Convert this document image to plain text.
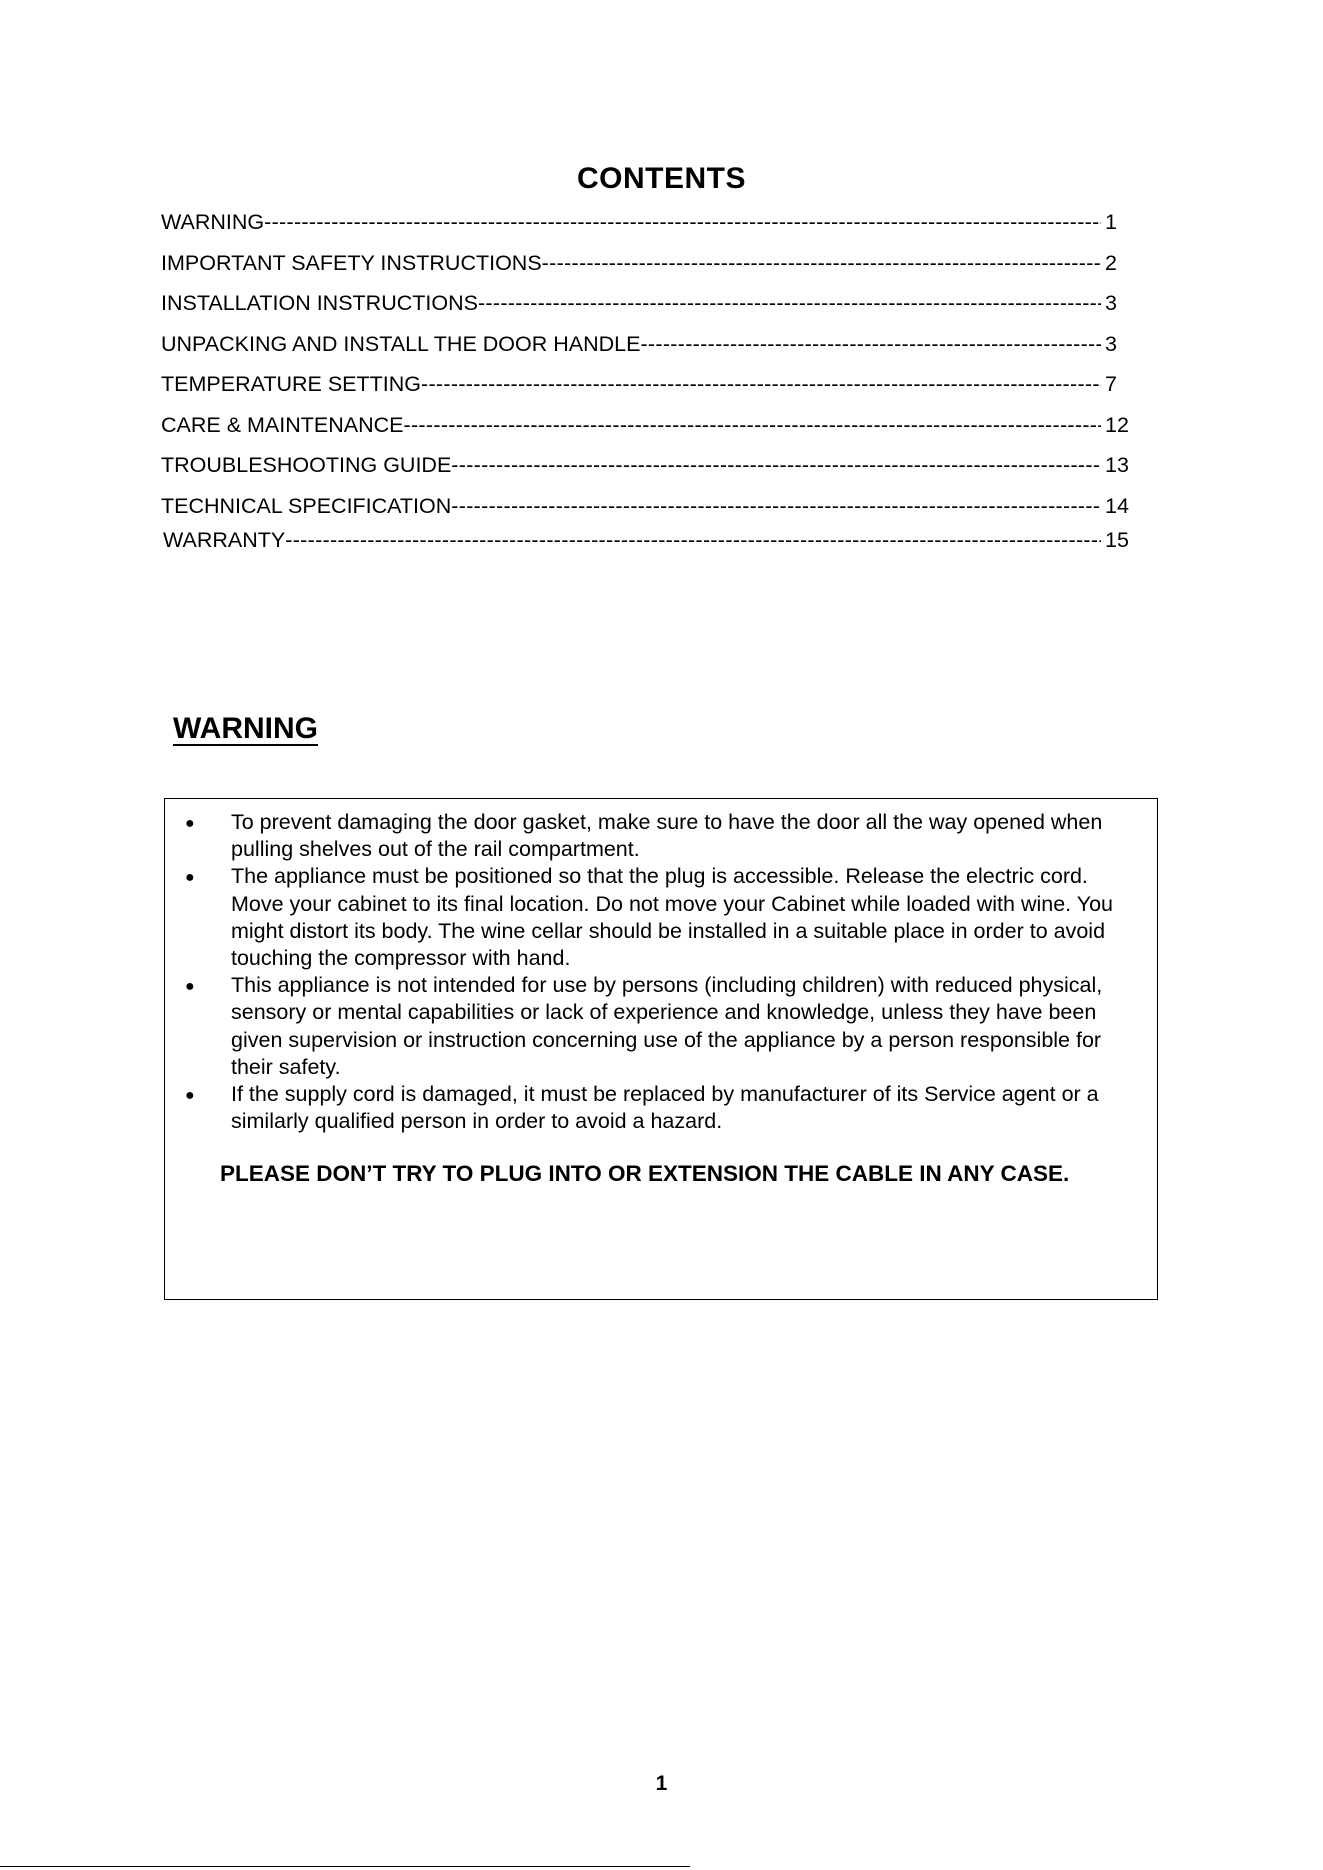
CONTENTS
WARNING -----	1
IMPORTANT SAFETY INSTRUCTIONS -----	2
INSTALLATION INSTRUCTIONS -----	3
UNPACKING AND INSTALL THE DOOR HANDLE -----	3
TEMPERATURE SETTING -----	7
CARE & MAINTENANCE -----	12
TROUBLESHOOTING GUIDE -----	13
TECHNICAL SPECIFICATION -----	14
WARRANTY -----	15
WARNING
● To prevent damaging the door gasket, make sure to have the door all the way opened when pulling shelves out of the rail compartment.
● The appliance must be positioned so that the plug is accessible. Release the electric cord. Move your cabinet to its final location. Do not move your Cabinet while loaded with wine. You might distort its body. The wine cellar should be installed in a suitable place in order to avoid touching the compressor with hand.
● This appliance is not intended for use by persons (including children) with reduced physical, sensory or mental capabilities or lack of experience and knowledge, unless they have been given supervision or instruction concerning use of the appliance by a person responsible for their safety.
● If the supply cord is damaged, it must be replaced by manufacturer of its Service agent or a similarly qualified person in order to avoid a hazard.
PLEASE DON’T TRY TO PLUG INTO OR EXTENSION THE CABLE IN ANY CASE.
1
